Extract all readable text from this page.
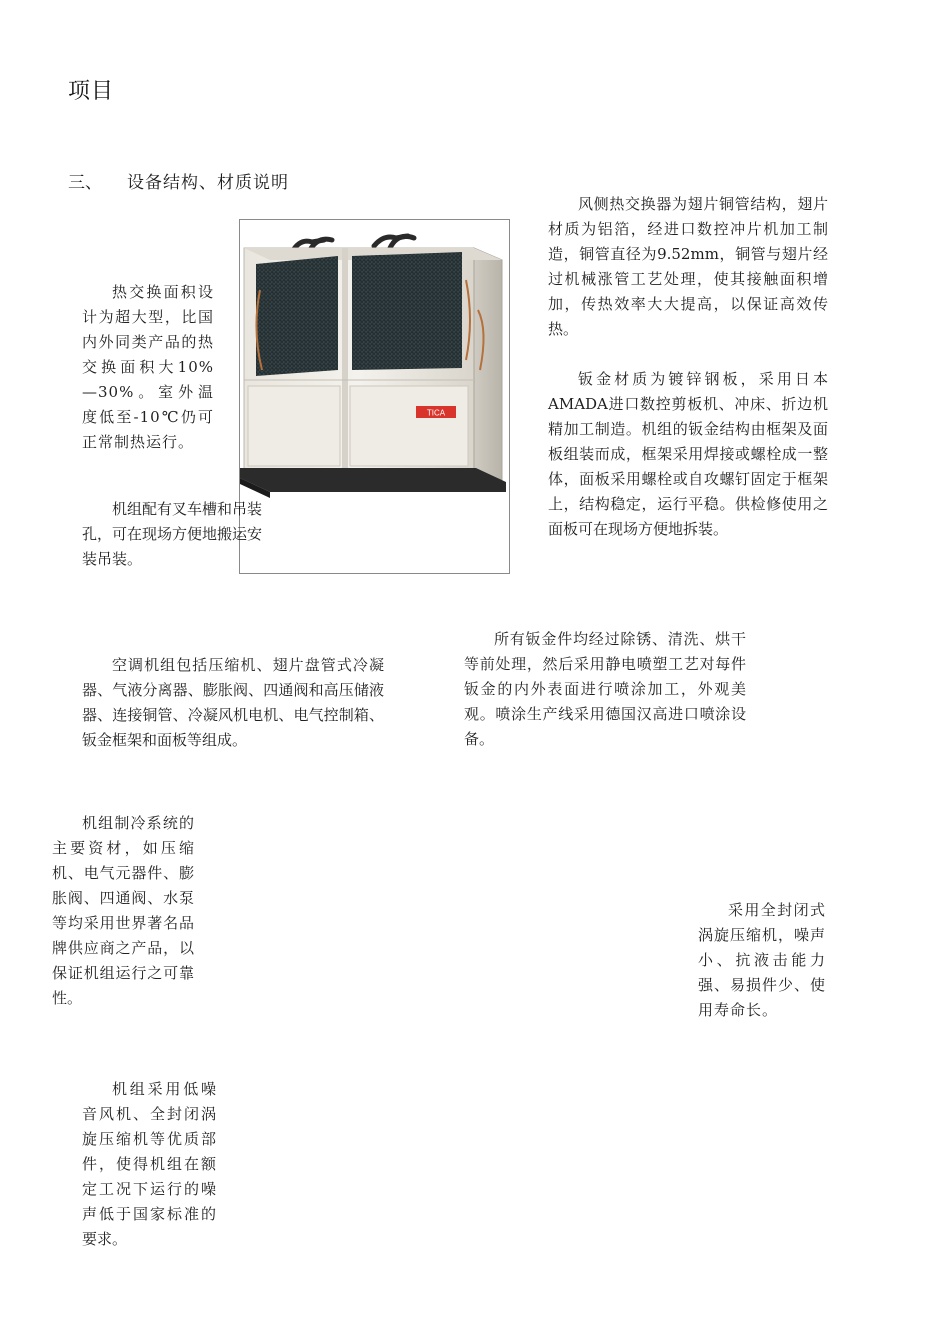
项目
三、 设备结构、材质说明
TICA

风侧热交换器为翅片铜管结构，翅片材质为铝箔，经进口数控冲片机加工制造，铜管直径为9.52mm，铜管与翅片经过机械涨管工艺处理，使其接触面积增加，传热效率大大提高，以保证高效传热。

热交换面积设计为超大型，比国内外同类产品的热交换面积大10%—30%。室外温度低至-10℃仍可正常制热运行。

钣金材质为镀锌钢板，采用日本AMADA进口数控剪板机、冲床、折边机精加工制造。机组的钣金结构由框架及面板组装而成，框架采用焊接或螺栓成一整体，面板采用螺栓或自攻螺钉固定于框架上，结构稳定，运行平稳。供检修使用之面板可在现场方便地拆装。

机组配有叉车槽和吊装孔，可在现场方便地搬运安装吊装。

所有钣金件均经过除锈、清洗、烘干等前处理，然后采用静电喷塑工艺对每件钣金的内外表面进行喷涂加工，外观美观。喷涂生产线采用德国汉高进口喷涂设备。

空调机组包括压缩机、翅片盘管式冷凝器、气液分离器、膨胀阀、四通阀和高压储液器、连接铜管、冷凝风机电机、电气控制箱、钣金框架和面板等组成。

机组制冷系统的主要资材，如压缩机、电气元器件、膨胀阀、四通阀、水泵等均采用世界著名品牌供应商之产品，以保证机组运行之可靠性。

采用全封闭式涡旋压缩机，噪声小、抗液击能力强、易损件少、使用寿命长。

机组采用低噪音风机、全封闭涡旋压缩机等优质部件，使得机组在额定工况下运行的噪声低于国家标准的要求。
